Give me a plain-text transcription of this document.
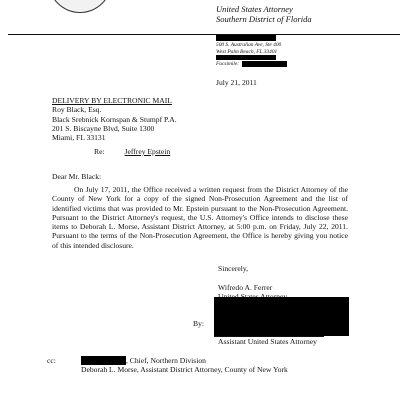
United States Attorney
Southern District of Florida
500 S. Australian Ave, Ste 400
West Palm Beach, FL 33401
Facsimile:
July 21, 2011
DELIVERY BY ELECTRONIC MAIL
Roy Black, Esq.
Black Srebnick Kornspan & Stumpf P.A.
201 S. Biscayne Blvd, Suite 1300
Miami, FL 33131
Re:	Jeffrey Epstein
Dear Mr. Black:
On July 17, 2011, the Office received a written request from the District Attorney of the County of New York for a copy of the signed Non-Prosecution Agreement and the list of identified victims that was provided to Mr. Epstein pursuant to the Non-Prosecution Agreement. Pursuant to the District Attorney's request, the U.S. Attorney's Office intends to disclose these items to Deborah L. Morse, Assistant District Attorney, at 5:00 p.m. on Friday, July 22, 2011. Pursuant to the terms of the Non-Prosecution Agreement, the Office is hereby giving you notice of this intended disclosure.
Sincerely,
Wifredo A. Ferrer
By:
Assistant United States Attorney
cc:	, Chief, Northern Division
Deborah L. Morse, Assistant District Attorney, County of New York
